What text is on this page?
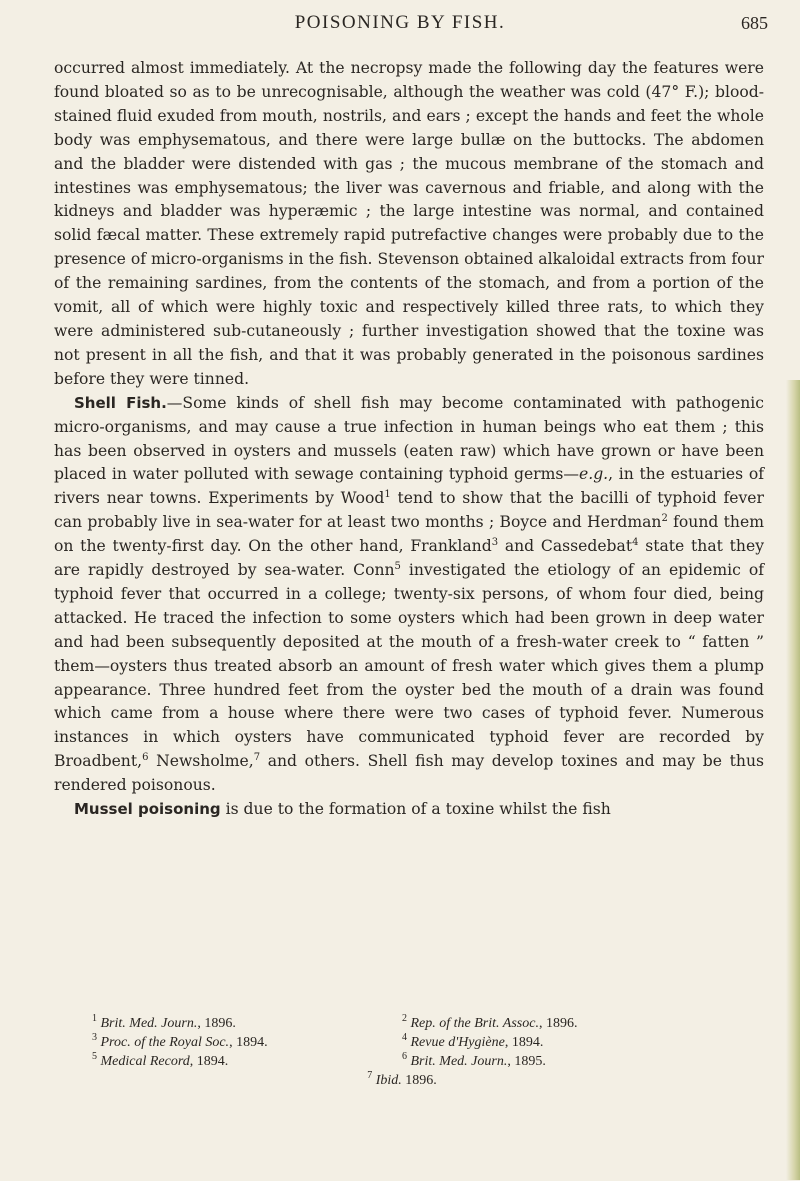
POISONING BY FISH.	685

occurred almost immediately. At the necropsy made the following day the features were found bloated so as to be unrecognisable, although the weather was cold (47° F.); blood-stained fluid exuded from mouth, nostrils, and ears ; except the hands and feet the whole body was emphysematous, and there were large bullæ on the buttocks. The abdomen and the bladder were distended with gas ; the mucous membrane of the stomach and intestines was emphysematous; the liver was cavernous and friable, and along with the kidneys and bladder was hyperæmic ; the large intestine was normal, and contained solid fæcal matter. These extremely rapid putrefactive changes were probably due to the presence of micro-organisms in the fish. Stevenson obtained alkaloidal extracts from four of the remaining sardines, from the contents of the stomach, and from a portion of the vomit, all of which were highly toxic and respectively killed three rats, to which they were administered sub-cutaneously ; further investigation showed that the toxine was not present in all the fish, and that it was probably generated in the poisonous sardines before they were tinned.

Shell Fish.—Some kinds of shell fish may become contaminated with pathogenic micro-organisms, and may cause a true infection in human beings who eat them ; this has been observed in oysters and mussels (eaten raw) which have grown or have been placed in water polluted with sewage containing typhoid germs—e.g., in the estuaries of rivers near towns. Experiments by Wood$^1$ tend to show that the bacilli of typhoid fever can probably live in sea-water for at least two months ; Boyce and Herdman$^2$ found them on the twenty-first day. On the other hand, Frankland$^3$ and Cassedebat$^4$ state that they are rapidly destroyed by sea-water. Conn$^5$ investigated the etiology of an epidemic of typhoid fever that occurred in a college; twenty-six persons, of whom four died, being attacked. He traced the infection to some oysters which had been grown in deep water and had been subsequently deposited at the mouth of a fresh-water creek to “ fatten ” them—oysters thus treated absorb an amount of fresh water which gives them a plump appearance. Three hundred feet from the oyster bed the mouth of a drain was found which came from a house where there were two cases of typhoid fever. Numerous instances in which oysters have communicated typhoid fever are recorded by Broadbent,$^6$ Newsholme,$^7$ and others. Shell fish may develop toxines and may be thus rendered poisonous.

Mussel poisoning is due to the formation of a toxine whilst the fish

$^1$ Brit. Med. Journ., 1896.	$^2$ Rep. of the Brit. Assoc., 1896.
$^3$ Proc. of the Royal Soc., 1894.	$^4$ Revue d'Hygiène, 1894.
$^5$ Medical Record, 1894.	$^6$ Brit. Med. Journ., 1895.
$^7$ Ibid. 1896.
